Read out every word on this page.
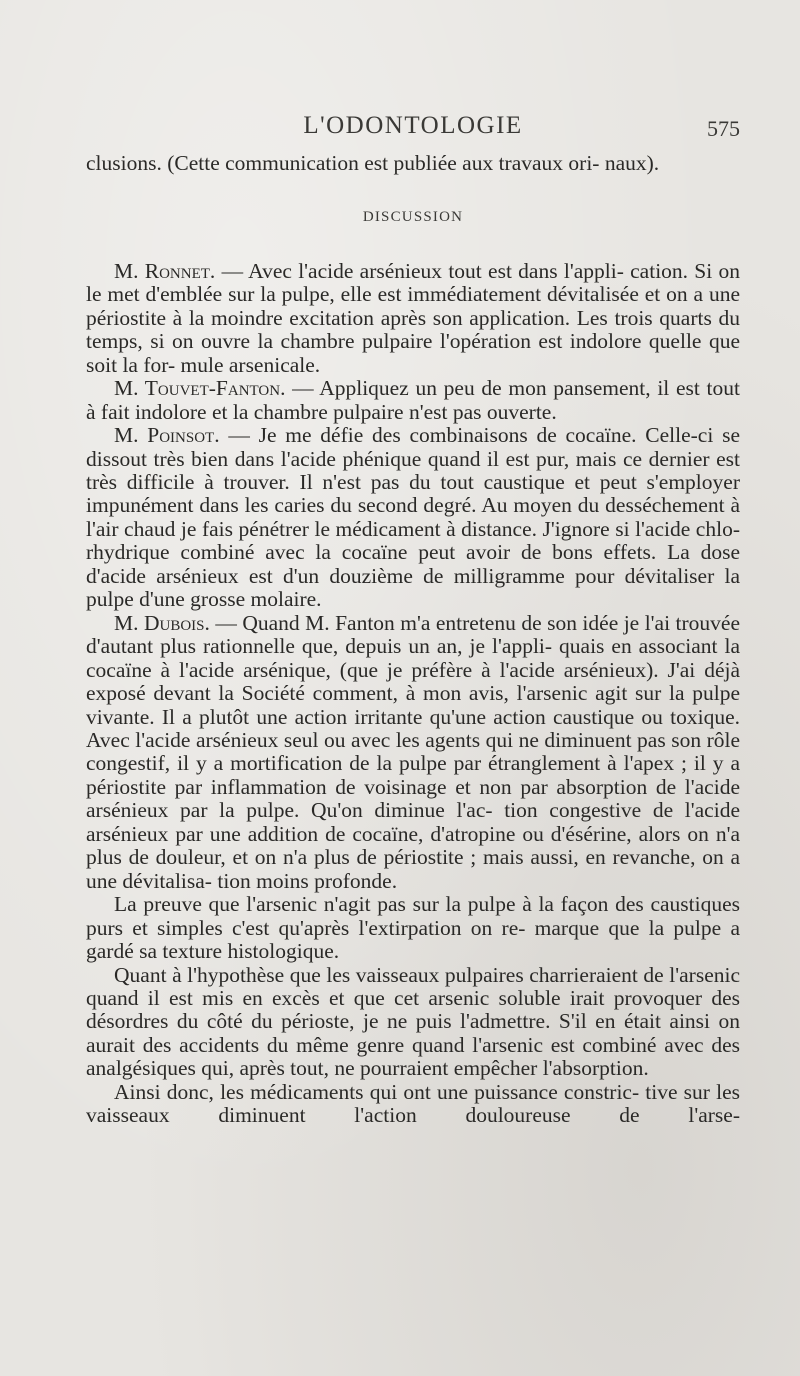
L'ODONTOLOGIE	575

clusions. (Cette communication est publiée aux travaux ori- naux).

DISCUSSION

M. Ronnet. — Avec l'acide arsénieux tout est dans l'appli- cation. Si on le met d'emblée sur la pulpe, elle est immédiatement dévitalisée et on a une périostite à la moindre excitation après son application. Les trois quarts du temps, si on ouvre la chambre pulpaire l'opération est indolore quelle que soit la for- mule arsenicale.

M. Touvet-Fanton. — Appliquez un peu de mon pansement, il est tout à fait indolore et la chambre pulpaire n'est pas ouverte.

M. Poinsot. — Je me défie des combinaisons de cocaïne. Celle-ci se dissout très bien dans l'acide phénique quand il est pur, mais ce dernier est très difficile à trouver. Il n'est pas du tout caustique et peut s'employer impunément dans les caries du second degré. Au moyen du desséchement à l'air chaud je fais pénétrer le médicament à distance. J'ignore si l'acide chlo- rhydrique combiné avec la cocaïne peut avoir de bons effets. La dose d'acide arsénieux est d'un douzième de milligramme pour dévitaliser la pulpe d'une grosse molaire.

M. Dubois. — Quand M. Fanton m'a entretenu de son idée je l'ai trouvée d'autant plus rationnelle que, depuis un an, je l'appli- quais en associant la cocaïne à l'acide arsénique, (que je préfère à l'acide arsénieux). J'ai déjà exposé devant la Société comment, à mon avis, l'arsenic agit sur la pulpe vivante. Il a plutôt une action irritante qu'une action caustique ou toxique. Avec l'acide arsénieux seul ou avec les agents qui ne diminuent pas son rôle congestif, il y a mortification de la pulpe par étranglement à l'apex ; il y a périostite par inflammation de voisinage et non par absorption de l'acide arsénieux par la pulpe. Qu'on diminue l'ac- tion congestive de l'acide arsénieux par une addition de cocaïne, d'atropine ou d'ésérine, alors on n'a plus de douleur, et on n'a plus de périostite ; mais aussi, en revanche, on a une dévitalisa- tion moins profonde.

La preuve que l'arsenic n'agit pas sur la pulpe à la façon des caustiques purs et simples c'est qu'après l'extirpation on re- marque que la pulpe a gardé sa texture histologique.

Quant à l'hypothèse que les vaisseaux pulpaires charrieraient de l'arsenic quand il est mis en excès et que cet arsenic soluble irait provoquer des désordres du côté du périoste, je ne puis l'admettre. S'il en était ainsi on aurait des accidents du même genre quand l'arsenic est combiné avec des analgésiques qui, après tout, ne pourraient empêcher l'absorption.

Ainsi donc, les médicaments qui ont une puissance constric- tive sur les vaisseaux diminuent l'action douloureuse de l'arse-
